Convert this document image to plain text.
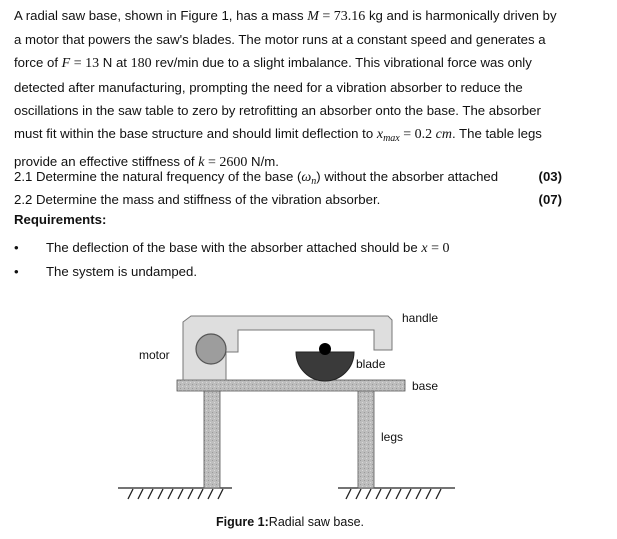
A radial saw base, shown in Figure 1, has a mass M = 73.16 kg and is harmonically driven by
a motor that powers the saw's blades. The motor runs at a constant speed and generates a
force of F = 13 N at 180 rev/min due to a slight imbalance. This vibrational force was only
detected after manufacturing, prompting the need for a vibration absorber to reduce the
oscillations in the saw table to zero by retrofitting an absorber onto the base. The absorber
must fit within the base structure and should limit deflection to $x_{max} = 0.2$ cm. The table legs
provide an effective stiffness of k = 2600 N/m.
2.1 Determine the natural frequency of the base $(\omega_n)$ without the absorber attached	(03)
2.2 Determine the mass and stiffness of the vibration absorber.	(07)
Requirements:
• The deflection of the base with the absorber attached should be x = 0
• The system is undamped.
handle
motor
blade
base
legs
Figure 1:Radial saw base.
